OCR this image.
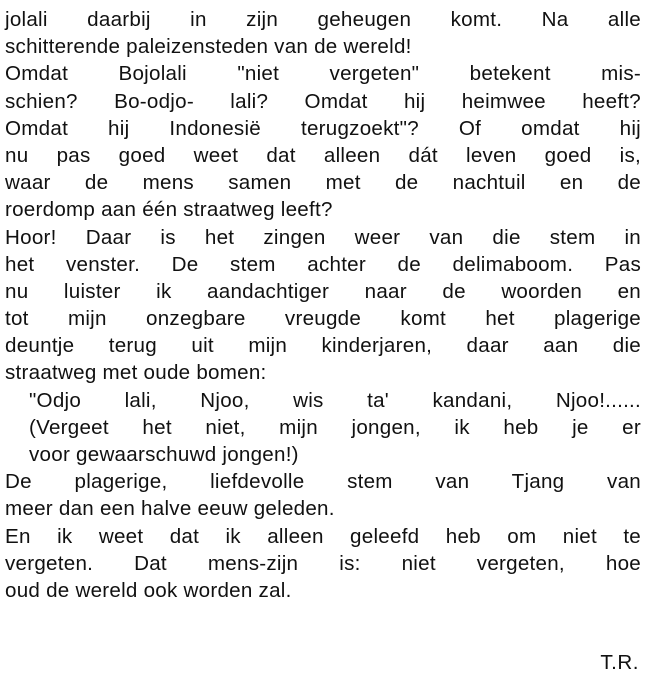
jolali daarbij in zijn geheugen komt. Na alle
schitterende paleizensteden van de wereld!
Omdat Bojolali "niet vergeten" betekent mis-
schien? Bo-odjo- lali? Omdat hij heimwee heeft?
Omdat hij Indonesië terugzoekt"? Of omdat hij
nu pas goed weet dat alleen dát leven goed is,
waar de mens samen met de nachtuil en de
roerdomp aan één straatweg leeft?
Hoor! Daar is het zingen weer van die stem in
het venster. De stem achter de delimaboom. Pas
nu luister ik aandachtiger naar de woorden en
tot mijn onzegbare vreugde komt het plagerige
deuntje terug uit mijn kinderjaren, daar aan die
straatweg met oude bomen:
"Odjo lali, Njoo, wis ta' kandani, Njoo!......
(Vergeet het niet, mijn jongen, ik heb je er
voor gewaarschuwd jongen!)
De plagerige, liefdevolle stem van Tjang van
meer dan een halve eeuw geleden.
En ik weet dat ik alleen geleefd heb om niet te
vergeten. Dat mens-zijn is: niet vergeten, hoe
oud de wereld ook worden zal.
T.R.
